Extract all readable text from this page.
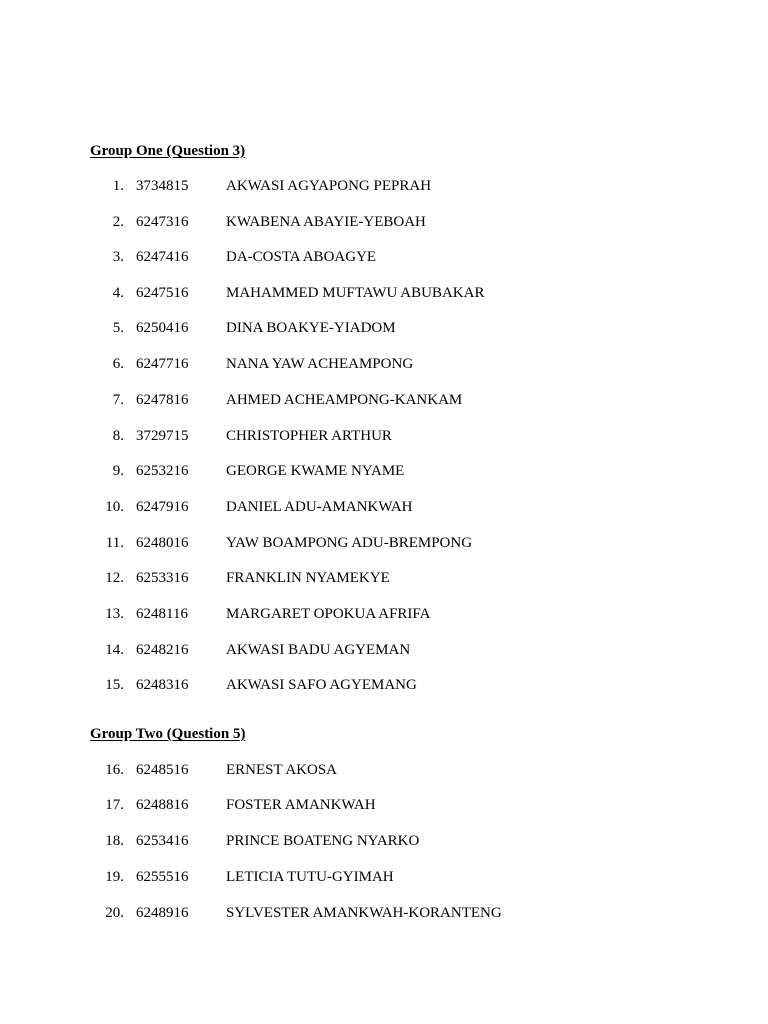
Group One (Question 3)
1. 3734815	AKWASI AGYAPONG PEPRAH
2. 6247316	KWABENA ABAYIE-YEBOAH
3. 6247416	DA-COSTA ABOAGYE
4. 6247516	MAHAMMED MUFTAWU ABUBAKAR
5. 6250416	DINA BOAKYE-YIADOM
6. 6247716	NANA YAW ACHEAMPONG
7. 6247816	AHMED ACHEAMPONG-KANKAM
8. 3729715	CHRISTOPHER ARTHUR
9. 6253216	GEORGE KWAME NYAME
10. 6247916	DANIEL ADU-AMANKWAH
11. 6248016	YAW BOAMPONG ADU-BREMPONG
12. 6253316	FRANKLIN NYAMEKYE
13. 6248116	MARGARET OPOKUA AFRIFA
14. 6248216	AKWASI BADU AGYEMAN
15. 6248316	AKWASI SAFO AGYEMANG
Group Two (Question 5)
16. 6248516	ERNEST AKOSA
17. 6248816	FOSTER AMANKWAH
18. 6253416	PRINCE BOATENG NYARKO
19. 6255516	LETICIA TUTU-GYIMAH
20. 6248916	SYLVESTER AMANKWAH-KORANTENG
